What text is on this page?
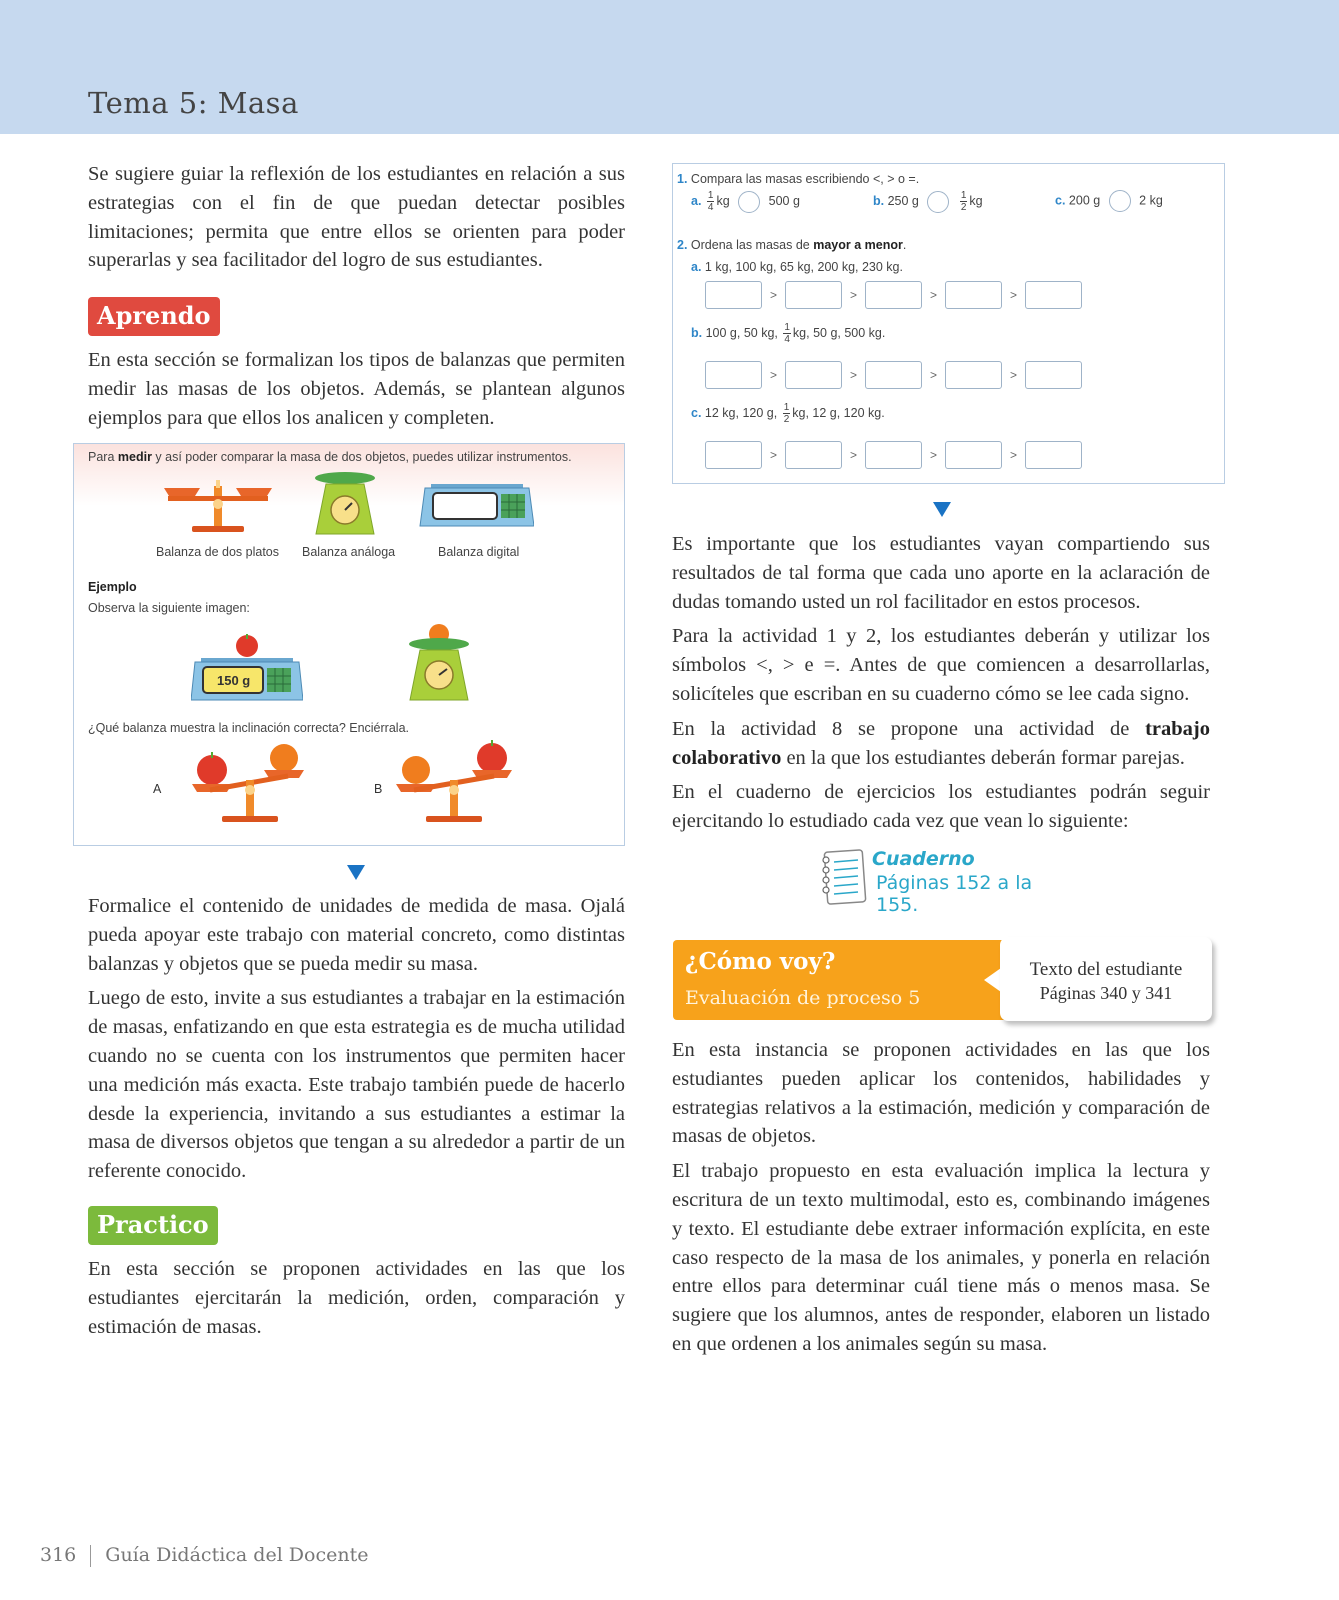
Tema 5: Masa

Se sugiere guiar la reflexión de los estudiantes en relación a sus estrategias con el fin de que puedan detectar posibles limitaciones; permita que entre ellos se orienten para poder superarlas y sea facilitador del logro de sus estudiantes.

Aprendo

En esta sección se formalizan los tipos de balanzas que permiten medir las masas de los objetos. Además, se plantean algunos ejemplos para que ellos los analicen y completen.

Para medir y así poder comparar la masa de dos objetos, puedes utilizar instrumentos.
Balanza de dos platos Balanza análoga	Balanza digital
Ejemplo
Observa la siguiente imagen:
150 g
¿Qué balanza muestra la inclinación correcta? Enciérrala.
A	B

Formalice el contenido de unidades de medida de masa. Ojalá pueda apoyar este trabajo con material concreto, como distintas balanzas y objetos que se pueda medir su masa.

Luego de esto, invite a sus estudiantes a trabajar en la estimación de masas, enfatizando en que esta estrategia es de mucha utilidad cuando no se cuenta con los instrumentos que permiten hacer una medición más exacta. Este trabajo también puede de hacerlo desde la experiencia, invitando a sus estudiantes a estimar la masa de diversos objetos que tengan a su alrededor a partir de un referente conocido.

Practico

En esta sección se proponen actividades en las que los estudiantes ejercitarán la medición, orden, comparación y estimación de masas.

1. Compara las masas escribiendo <, > o =.
a. $\frac{1}{4}$ kg	500 g	b. 250 g	$\frac{1}{2}$ kg	c. 200 g	2 kg
2. Ordena las masas de mayor a menor.
a. 1 kg, 100 kg, 65 kg, 200 kg, 230 kg.
>	>	>	>
b. 100 g, 50 kg, $\frac{1}{4}$ kg, 50 g, 500 kg.
>	>	>	>
c. 12 kg, 120 g, $\frac{1}{2}$ kg, 12 g, 120 kg.
>	>	>	>

Es importante que los estudiantes vayan compartiendo sus resultados de tal forma que cada uno aporte en la aclaración de dudas tomando usted un rol facilitador en estos procesos.

Para la actividad 1 y 2, los estudiantes deberán y utilizar los símbolos <, > e =. Antes de que comiencen a desarrollarlas, solicíteles que escriban en su cuaderno cómo se lee cada signo.

En la actividad 8 se propone una actividad de trabajo colaborativo en la que los estudiantes deberán formar parejas.

En el cuaderno de ejercicios los estudiantes podrán seguir ejercitando lo estudiado cada vez que vean lo siguiente:

Cuaderno
Páginas 152 a la 155.
¿Cómo voy?
Evaluación de proceso 5
Texto del estudiante
Páginas 340 y 341

En esta instancia se proponen actividades en las que los estudiantes pueden aplicar los contenidos, habilidades y estrategias relativos a la estimación, medición y comparación de masas de objetos.

El trabajo propuesto en esta evaluación implica la lectura y escritura de un texto multimodal, esto es, combinando imágenes y texto. El estudiante debe extraer información explícita, en este caso respecto de la masa de los animales, y ponerla en relación entre ellos para determinar cuál tiene más o menos masa. Se sugiere que los alumnos, antes de responder, elaboren un listado en que ordenen a los animales según su masa.

316 Guía Didáctica del Docente
